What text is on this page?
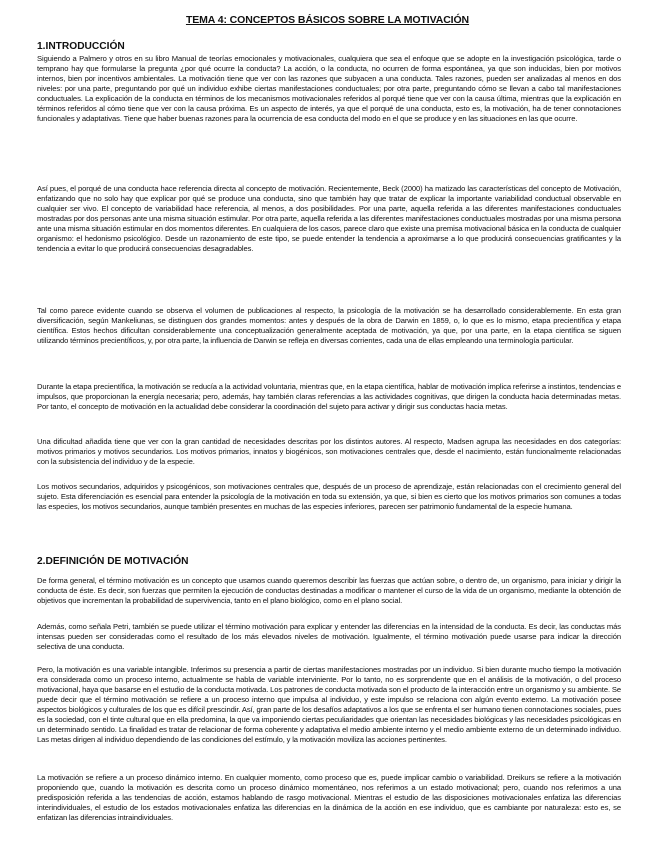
TEMA 4: CONCEPTOS BÁSICOS SOBRE LA MOTIVACIÓN
1.INTRODUCCIÓN

Siguiendo a Palmero y otros en su libro Manual de teorías emocionales y motivacionales, cualquiera que sea el enfoque que se adopte en la investigación psicológica, tarde o temprano hay que formularse la pregunta ¿por qué ocurre la conducta? La acción, o la conducta, no ocurren de forma espontánea, ya que son inducidas, bien por motivos internos, bien por incentivos ambientales. La motivación tiene que ver con las razones que subyacen a una conducta. Tales razones, pueden ser analizadas al menos en dos niveles: por una parte, preguntando por qué un individuo exhibe ciertas manifestaciones conductuales; por otra parte, preguntando cómo se llevan a cabo tal manifestaciones conductuales. La explicación de la conducta en términos de los mecanismos motivacionales referidos al porqué tiene que ver con la causa última, mientras que la explicación en términos referidos al cómo tiene que ver con la causa próxima. Es un aspecto de interés, ya que el porqué de una conducta, esto es, la motivación, ha de tener connotaciones funcionales y adaptativas. Tiene que haber buenas razones para la ocurrencia de esa conducta del modo en el que se produce y en las situaciones en las que ocurre.

Así pues, el porqué de una conducta hace referencia directa al concepto de motivación. Recientemente, Beck (2000) ha matizado las características del concepto de Motivación, enfatizando que no solo hay que explicar por qué se produce una conducta, sino que también hay que tratar de explicar la importante variabilidad conductual observable en cualquier ser vivo. El concepto de variabilidad hace referencia, al menos, a dos posibilidades. Por una parte, aquella referida a las diferentes manifestaciones conductuales mostradas por dos personas ante una misma situación estimular. Por otra parte, aquella referida a las diferentes manifestaciones conductuales mostradas por una misma persona ante una misma situación estimular en dos momentos diferentes. En cualquiera de los casos, parece claro que existe una premisa motivacional básica en la conducta de cualquier organismo: el hedonismo psicológico. Desde un razonamiento de este tipo, se puede entender la tendencia a aproximarse a lo que producirá consecuencias gratificantes y la tendencia a evitar lo que producirá consecuencias desagradables.

Tal como parece evidente cuando se observa el volumen de publicaciones al respecto, la psicología de la motivación se ha desarrollado considerablemente. En esta gran diversificación, según Mankeliunas, se distinguen dos grandes momentos: antes y después de la obra de Darwin en 1859, o, lo que es lo mismo, etapa precientífica y etapa científica. Estos hechos dificultan considerablemente una conceptualización generalmente aceptada de motivación, ya que, por una parte, en la etapa científica se siguen utilizando términos precientíficos, y, por otra parte, la influencia de Darwin se refleja en diversas corrientes, cada una de ellas empleando una terminología particular.

Durante la etapa precientífica, la motivación se reducía a la actividad voluntaria, mientras que, en la etapa científica, hablar de motivación implica referirse a instintos, tendencias e impulsos, que proporcionan la energía necesaria; pero, además, hay también claras referencias a las actividades cognitivas, que dirigen la conducta hacia determinadas metas. Por tanto, el concepto de motivación en la actualidad debe considerar la coordinación del sujeto para activar y dirigir sus conductas hacia metas.

Una dificultad añadida tiene que ver con la gran cantidad de necesidades descritas por los distintos autores. Al respecto, Madsen agrupa las necesidades en dos categorías: motivos primarios y motivos secundarios. Los motivos primarios, innatos y biogénicos, son motivaciones centrales que, desde el nacimiento, están funcionalmente relacionadas con la subsistencia del individuo y de la especie.

Los motivos secundarios, adquiridos y psicogénicos, son motivaciones centrales que, después de un proceso de aprendizaje, están relacionadas con el crecimiento general del sujeto. Esta diferenciación es esencial para entender la psicología de la motivación en toda su extensión, ya que, si bien es cierto que los motivos primarios son comunes a todas las especies, los motivos secundarios, aunque también presentes en muchas de las especies inferiores, parecen ser patrimonio fundamental de la especie humana.

2.DEFINICIÓN DE MOTIVACIÓN

De forma general, el término motivación es un concepto que usamos cuando queremos describir las fuerzas que actúan sobre, o dentro de, un organismo, para iniciar y dirigir la conducta de éste. Es decir, son fuerzas que permiten la ejecución de conductas destinadas a modificar o mantener el curso de la vida de un organismo, mediante la obtención de objetivos que incrementan la probabilidad de supervivencia, tanto en el plano biológico, como en el plano social.

Además, como señala Petri, también se puede utilizar el término motivación para explicar y entender las diferencias en la intensidad de la conducta. Es decir, las conductas más intensas pueden ser consideradas como el resultado de los más elevados niveles de motivación. Igualmente, el término motivación puede usarse para indicar la dirección selectiva de una conducta.

Pero, la motivación es una variable intangible. Inferimos su presencia a partir de ciertas manifestaciones mostradas por un individuo. Si bien durante mucho tiempo la motivación era considerada como un proceso interno, actualmente se habla de variable interviniente. Por lo tanto, no es sorprendente que en el análisis de la motivación, o del proceso motivacional, haya que basarse en el estudio de la conducta motivada. Los patrones de conducta motivada son el producto de la interacción entre un organismo y su ambiente. Se puede decir que el término motivación se refiere a un proceso interno que impulsa al individuo, y este impulso se relaciona con algún evento externo. La motivación posee aspectos biológicos y culturales de los que es difícil prescindir. Así, gran parte de los desafíos adaptativos a los que se enfrenta el ser humano tienen connotaciones sociales, pues es la sociedad, con el tinte cultural que en ella predomina, la que va imponiendo ciertas peculiaridades que orientan las necesidades biológicas y las necesidades psicológicas en un determinado sentido. La finalidad es tratar de relacionar de forma coherente y adaptativa el medio ambiente interno y el medio ambiente externo de un determinado individuo. Las metas dirigen al individuo dependiendo de las condiciones del estímulo, y la motivación moviliza las acciones pertinentes.

La motivación se refiere a un proceso dinámico interno. En cualquier momento, como proceso que es, puede implicar cambio o variabilidad. Dreikurs se refiere a la motivación proponiendo que, cuando la motivación es descrita como un proceso dinámico momentáneo, nos referimos a un estado motivacional; pero, cuando nos referimos a una predisposición referida a las tendencias de acción, estamos hablando de rasgo motivacional. Mientras el estudio de las disposiciones motivacionales enfatiza las diferencias interindividuales, el estudio de los estados motivacionales enfatiza las diferencias en la dinámica de la acción en ese individuo, que es cambiante por naturaleza: esto es, se enfatizan las diferencias intraindividuales.
